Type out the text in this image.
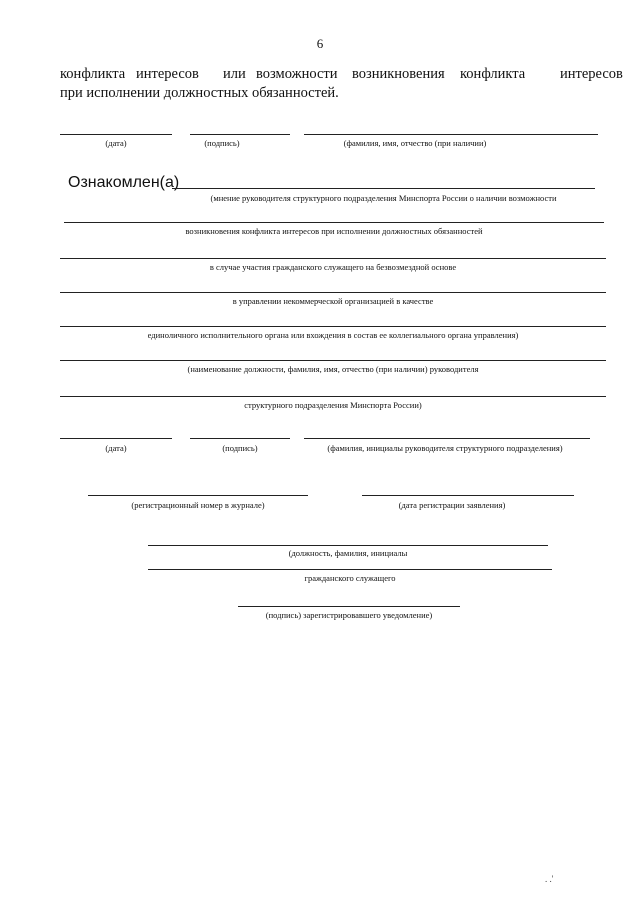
6
конфликта интересов или возможности возникновения конфликта интересов
при исполнении должностных обязанностей.
(дата)	(подпись)	(фамилия, имя, отчество (при наличии)
Ознакомлен(а)
(мнение руководителя структурного подразделения Минспорта России о наличии возможности
возникновения конфликта интересов при исполнении должностных обязанностей
в случае участия гражданского служащего на безвозмездной основе
в управлении некоммерческой организацией в качестве
единоличного исполнительного органа или вхождения в состав ее коллегиального органа управления)
(наименование должности, фамилия, имя, отчество (при наличии) руководителя
структурного подразделения Минспорта России)
(дата)	(подпись)	(фамилия, инициалы руководителя структурного подразделения)
(регистрационный номер в журнале)	(дата регистрации заявления)
(должность, фамилия, инициалы
гражданского служащего
(подпись) зарегистрировавшего уведомление)
. .'
